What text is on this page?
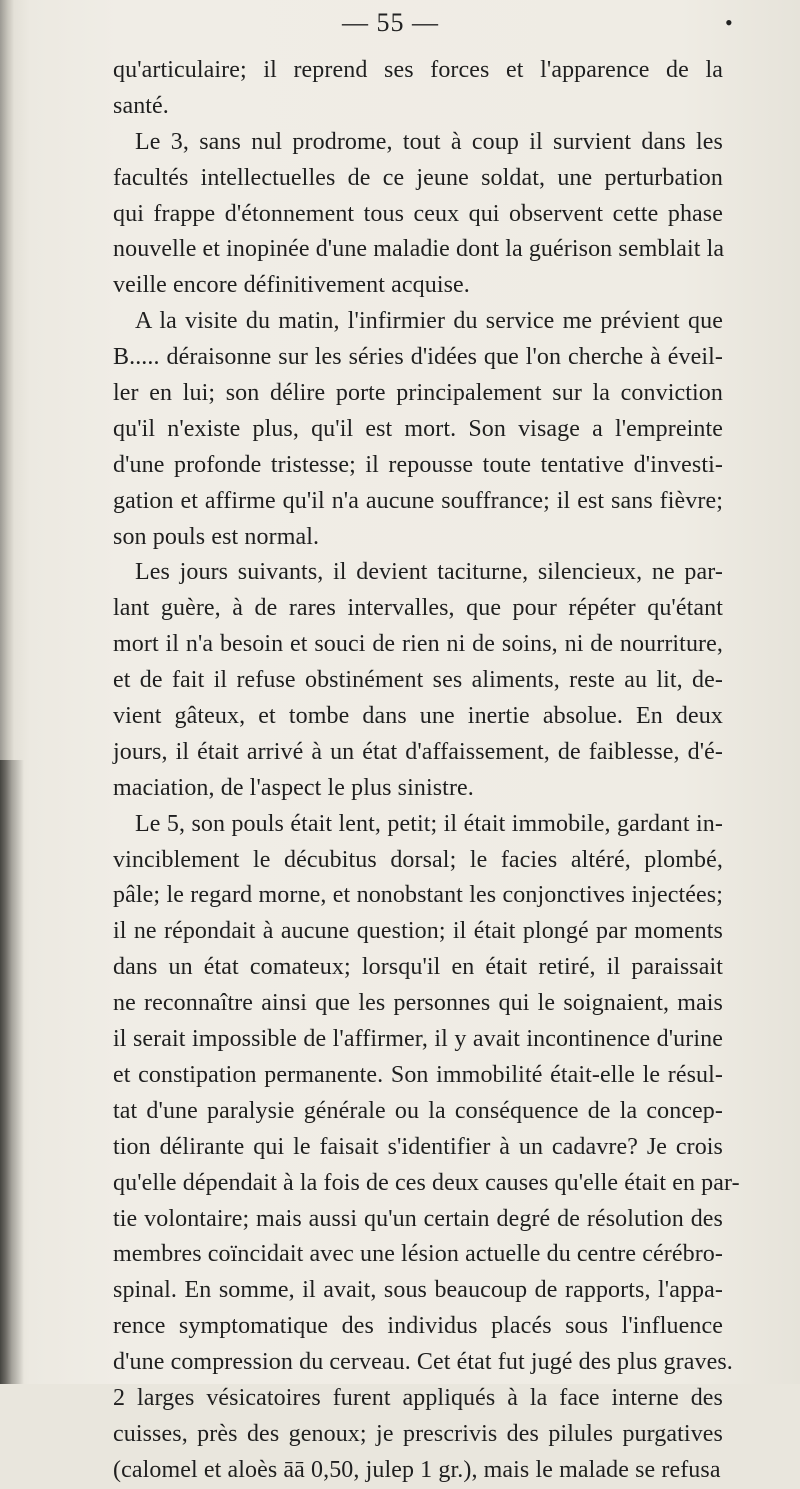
— 55 —	•
qu'articulaire; il reprend ses forces et l'apparence de la
santé.
Le 3, sans nul prodrome, tout à coup il survient dans les
facultés intellectuelles de ce jeune soldat, une perturbation
qui frappe d'étonnement tous ceux qui observent cette phase
nouvelle et inopinée d'une maladie dont la guérison semblait la
veille encore définitivement acquise.
A la visite du matin, l'infirmier du service me prévient que
B..... déraisonne sur les séries d'idées que l'on cherche à éveil-
ler en lui; son délire porte principalement sur la conviction
qu'il n'existe plus, qu'il est mort. Son visage a l'empreinte
d'une profonde tristesse; il repousse toute tentative d'investi-
gation et affirme qu'il n'a aucune souffrance; il est sans fièvre;
son pouls est normal.
Les jours suivants, il devient taciturne, silencieux, ne par-
lant guère, à de rares intervalles, que pour répéter qu'étant
mort il n'a besoin et souci de rien ni de soins, ni de nourriture,
et de fait il refuse obstinément ses aliments, reste au lit, de-
vient gâteux, et tombe dans une inertie absolue. En deux
jours, il était arrivé à un état d'affaissement, de faiblesse, d'é-
maciation, de l'aspect le plus sinistre.
Le 5, son pouls était lent, petit; il était immobile, gardant in-
vinciblement le décubitus dorsal; le facies altéré, plombé,
pâle; le regard morne, et nonobstant les conjonctives injectées;
il ne répondait à aucune question; il était plongé par moments
dans un état comateux; lorsqu'il en était retiré, il paraissait
ne reconnaître ainsi que les personnes qui le soignaient, mais
il serait impossible de l'affirmer, il y avait incontinence d'urine
et constipation permanente. Son immobilité était-elle le résul-
tat d'une paralysie générale ou la conséquence de la concep-
tion délirante qui le faisait s'identifier à un cadavre? Je crois
qu'elle dépendait à la fois de ces deux causes qu'elle était en par-
tie volontaire; mais aussi qu'un certain degré de résolution des
membres coïncidait avec une lésion actuelle du centre cérébro-
spinal. En somme, il avait, sous beaucoup de rapports, l'appa-
rence symptomatique des individus placés sous l'influence
d'une compression du cerveau. Cet état fut jugé des plus graves.
2 larges vésicatoires furent appliqués à la face interne des
cuisses, près des genoux; je prescrivis des pilules purgatives
(calomel et aloès āā 0,50, julep 1 gr.), mais le malade se refusa
